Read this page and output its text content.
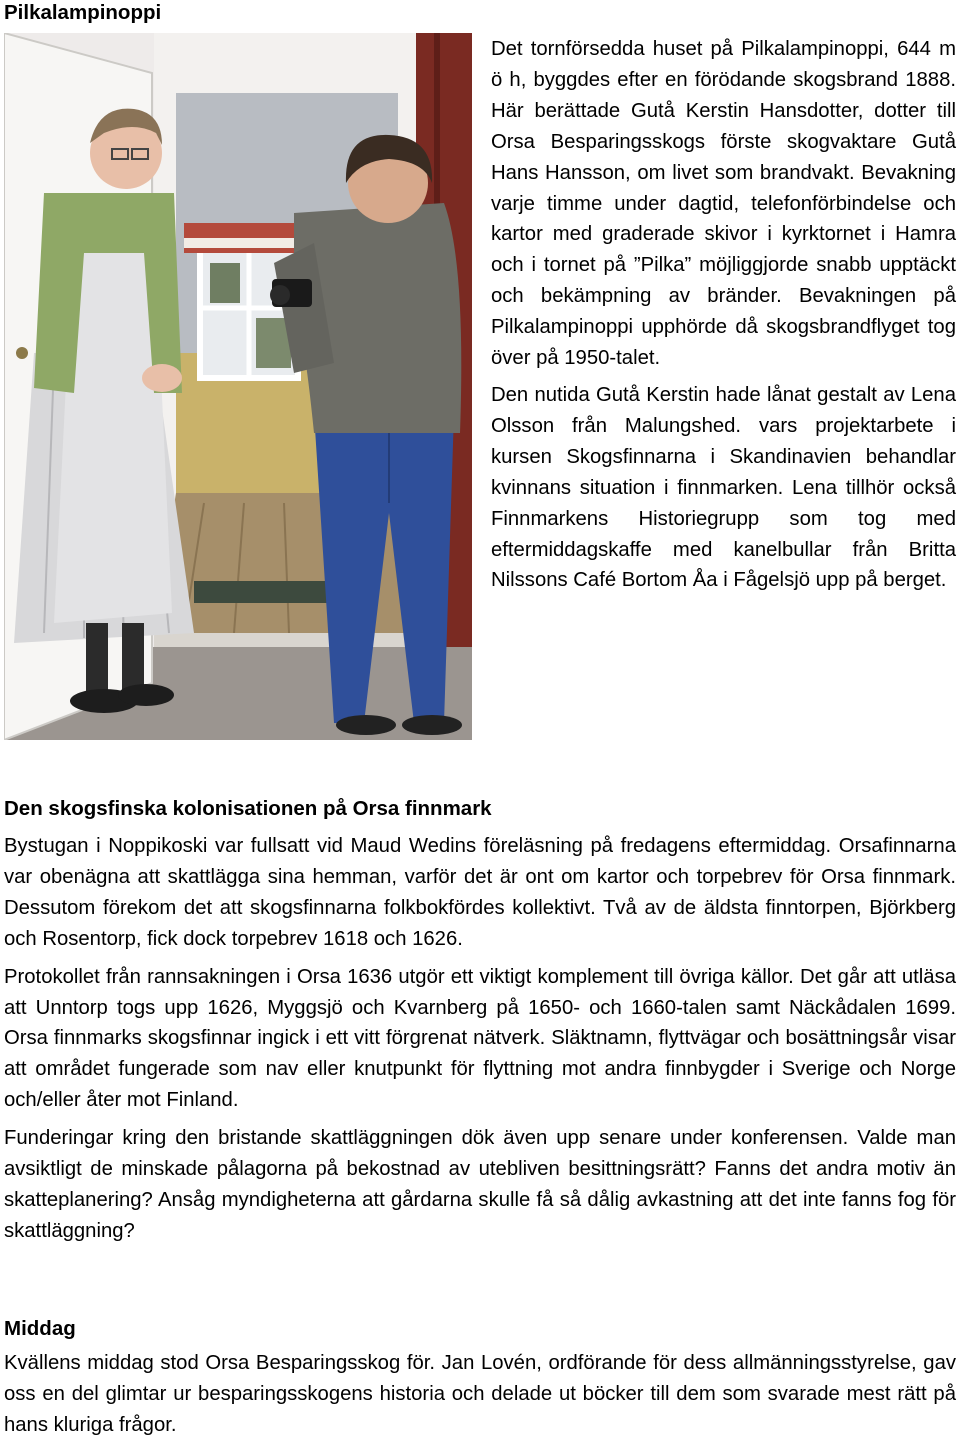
Pilkalampinoppi

Det tornförsedda huset på Pilkalampinoppi, 644 m ö h, byggdes efter en förödande skogsbrand 1888. Här berättade Gutå Kerstin Hansdotter, dotter till Orsa Besparingsskogs förste skogvaktare Gutå Hans Hansson, om livet som brandvakt. Bevakning varje timme under dagtid, telefonförbindelse och kartor med graderade skivor i kyrktornet i Hamra och i tornet på ”Pilka” möjliggjorde snabb upptäckt och bekämpning av bränder. Bevakningen på Pilkalampinoppi upphörde då skogsbrandflyget tog över på 1950-talet.

Den nutida Gutå Kerstin hade lånat gestalt av Lena Olsson från Malungshed. vars projektarbete i kursen Skogsfinnarna i Skandinavien behandlar kvinnans situation i finnmarken. Lena tillhör också Finnmarkens Historiegrupp som tog med eftermiddagskaffe med kanelbullar från Britta Nilssons Café Bortom Åa i Fågelsjö upp på berget.

Den skogsfinska kolonisationen på Orsa finnmark

Bystugan i Noppikoski var fullsatt vid Maud Wedins föreläsning på fredagens eftermiddag. Orsafinnarna var obenägna att skattlägga sina hemman, varför det är ont om kartor och torpebrev för Orsa finnmark. Dessutom förekom det att skogsfinnarna folkbokfördes kollektivt. Två av de äldsta finntorpen, Björkberg och Rosentorp, fick dock torpebrev 1618 och 1626.

Protokollet från rannsakningen i Orsa 1636 utgör ett viktigt komplement till övriga källor. Det går att utläsa att Unntorp togs upp 1626, Myggsjö och Kvarnberg på 1650- och 1660-talen samt Näckådalen 1699. Orsa finnmarks skogsfinnar ingick i ett vitt förgrenat nätverk. Släktnamn, flyttvägar och bosättningsår visar att området fungerade som nav eller knutpunkt för flyttning mot andra finnbygder i Sverige och Norge och/eller åter mot Finland.

Funderingar kring den bristande skattläggningen dök även upp senare under konferensen. Valde man avsiktligt de minskade pålagorna på bekostnad av utebliven besittningsrätt? Fanns det andra motiv än skatteplanering? Ansåg myndigheterna att gårdarna skulle få så dålig avkastning att det inte fanns fog för skattläggning?

Middag

Kvällens middag stod Orsa Besparingsskog för. Jan Lovén, ordförande för dess allmänningsstyrelse, gav oss en del glimtar ur besparingsskogens historia och delade ut böcker till dem som svarade mest rätt på hans kluriga frågor.
